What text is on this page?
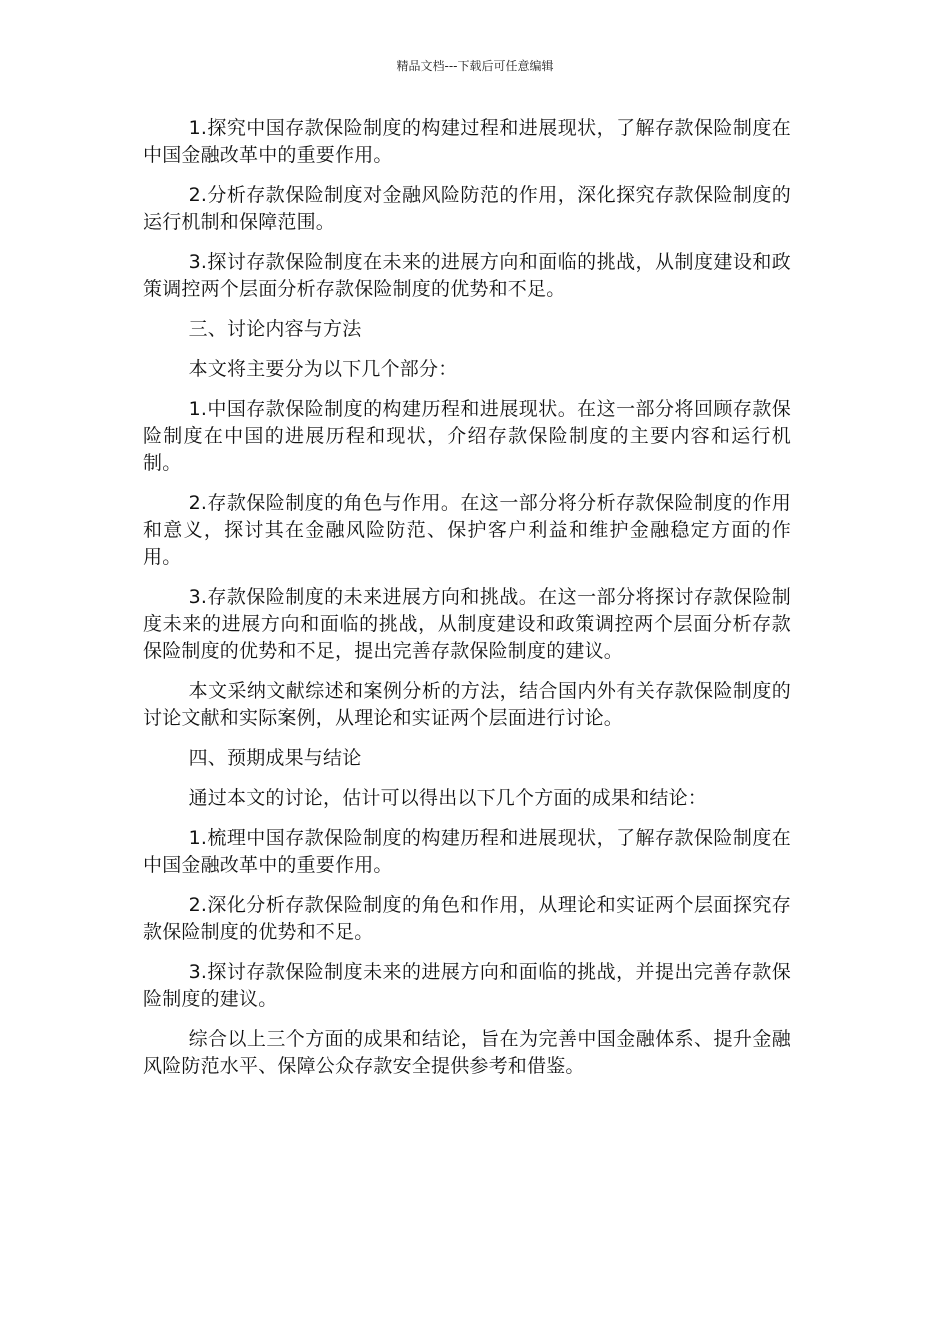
精品文档---下载后可任意编辑

1.探究中国存款保险制度的构建过程和进展现状，了解存款保险制度在中国金融改革中的重要作用。

2.分析存款保险制度对金融风险防范的作用，深化探究存款保险制度的运行机制和保障范围。

3.探讨存款保险制度在未来的进展方向和面临的挑战，从制度建设和政策调控两个层面分析存款保险制度的优势和不足。

三、讨论内容与方法

本文将主要分为以下几个部分：

1.中国存款保险制度的构建历程和进展现状。在这一部分将回顾存款保险制度在中国的进展历程和现状，介绍存款保险制度的主要内容和运行机制。

2.存款保险制度的角色与作用。在这一部分将分析存款保险制度的作用和意义，探讨其在金融风险防范、保护客户利益和维护金融稳定方面的作用。

3.存款保险制度的未来进展方向和挑战。在这一部分将探讨存款保险制度未来的进展方向和面临的挑战，从制度建设和政策调控两个层面分析存款保险制度的优势和不足，提出完善存款保险制度的建议。

本文采纳文献综述和案例分析的方法，结合国内外有关存款保险制度的讨论文献和实际案例，从理论和实证两个层面进行讨论。

四、预期成果与结论

通过本文的讨论，估计可以得出以下几个方面的成果和结论：

1.梳理中国存款保险制度的构建历程和进展现状，了解存款保险制度在中国金融改革中的重要作用。

2.深化分析存款保险制度的角色和作用，从理论和实证两个层面探究存款保险制度的优势和不足。

3.探讨存款保险制度未来的进展方向和面临的挑战，并提出完善存款保险制度的建议。

综合以上三个方面的成果和结论，旨在为完善中国金融体系、提升金融风险防范水平、保障公众存款安全提供参考和借鉴。
